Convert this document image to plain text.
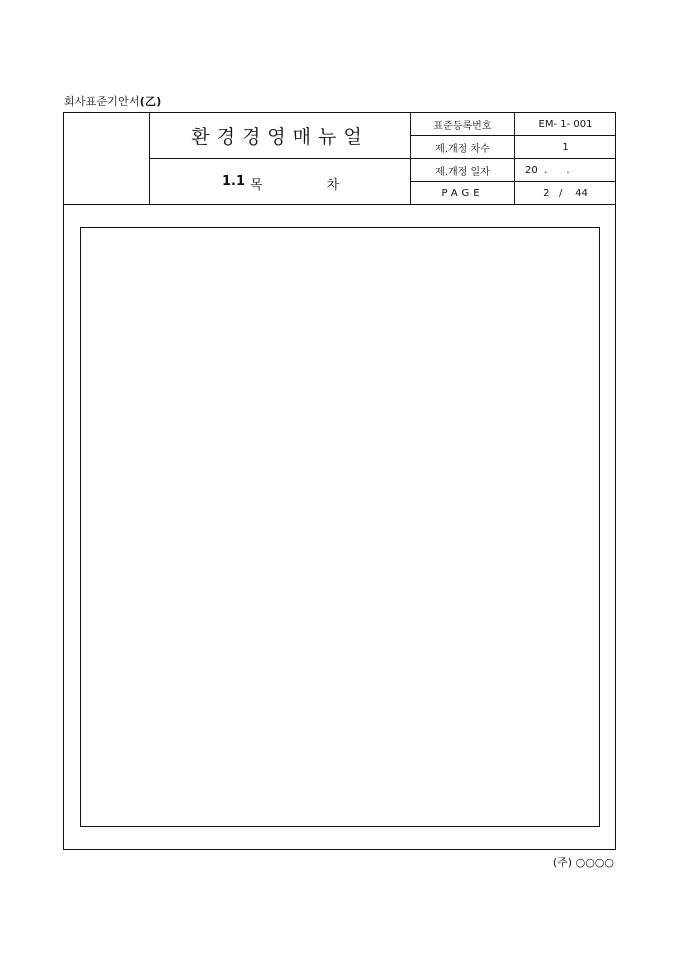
회사표준기안서(乙)
환경경영매뉴얼
1.1 목차
표준등록번호	EM- 1- 001
제.개정 차수	1
제.개정 일자	20  .      .
PAGE	2   /    44
(주) ○○○○
